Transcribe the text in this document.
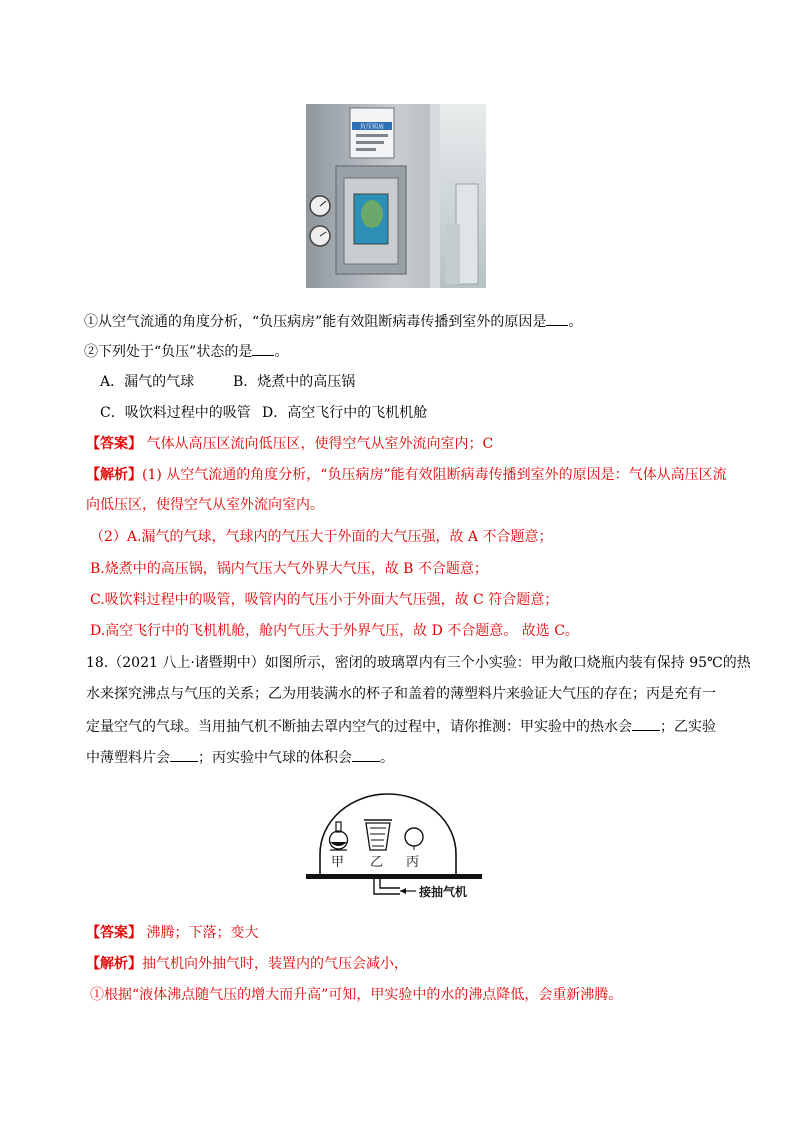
负压病房
①从空气流通的角度分析，“负压病房”能有效阻断病毒传播到室外的原因是 。
②下列处于“负压”状态的是 。
A．漏气的气球	B．烧煮中的高压锅
C．吸饮料过程中的吸管 D．高空飞行中的飞机机舱
【答案】 气体从高压区流向低压区，使得空气从室外流向室内；C
【解析】(1) 从空气流通的角度分析，“负压病房”能有效阻断病毒传播到室外的原因是：气体从高压区流
向低压区，使得空气从室外流向室内。
（2）A.漏气的气球，气球内的气压大于外面的大气压强，故 A 不合题意；
B.烧煮中的高压锅，锅内气压大气外界大气压，故 B 不合题意；
C.吸饮料过程中的吸管，吸管内的气压小于外面大气压强，故 C 符合题意；
D.高空飞行中的飞机机舱，舱内气压大于外界气压，故 D 不合题意。 故选 C。
18.（2021 八上·诸暨期中）如图所示，密闭的玻璃罩内有三个小实验：甲为敞口烧瓶内装有保持 95℃的热
水来探究沸点与气压的关系；乙为用装满水的杯子和盖着的薄塑料片来验证大气压的存在；丙是充有一
定量空气的气球。当用抽气机不断抽去罩内空气的过程中，请你推测：甲实验中的热水会 ；乙实验
中薄塑料片会 ；丙实验中气球的体积会 。
接抽气机
甲 乙 丙
【答案】 沸腾；下落；变大
【解析】抽气机向外抽气时，装置内的气压会减小，
①根据“液体沸点随气压的增大而升高”可知，甲实验中的水的沸点降低，会重新沸腾。
